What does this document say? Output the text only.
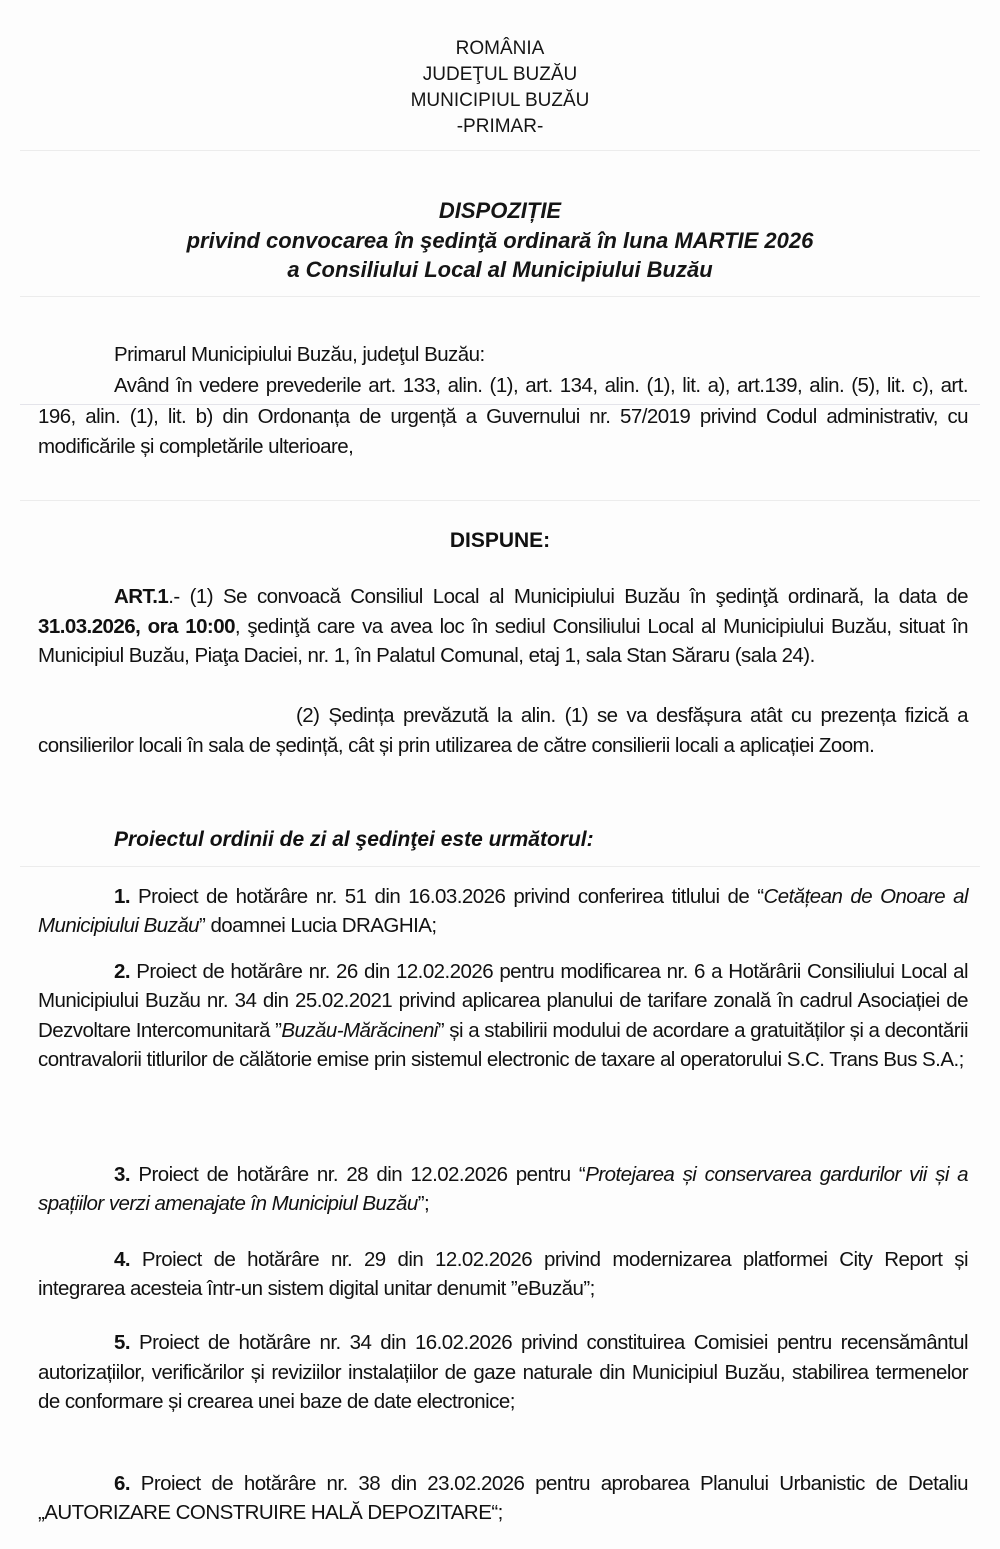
ROMÂNIA
JUDEŢUL BUZĂU
MUNICIPIUL BUZĂU
-PRIMAR-
DISPOZIȚIE
privind convocarea în şedinţă ordinară în luna MARTIE 2026
a Consiliului Local al Municipiului Buzău
Primarul Municipiului Buzău, judeţul Buzău:
Având în vedere prevederile art. 133, alin. (1), art. 134, alin. (1), lit. a), art.139, alin. (5), lit. c), art. 196, alin. (1), lit. b) din Ordonanța de urgență a Guvernului nr. 57/2019 privind Codul administrativ, cu modificările și completările ulterioare,
DISPUNE:
ART.1.- (1) Se convoacă Consiliul Local al Municipiului Buzău în şedinţă ordinară, la data de 31.03.2026, ora 10:00, şedinţă care va avea loc în sediul Consiliului Local al Municipiului Buzău, situat în Municipiul Buzău, Piaţa Daciei, nr. 1, în Palatul Comunal, etaj 1, sala Stan Săraru (sala 24).
(2) Ședința prevăzută la alin. (1) se va desfășura atât cu prezența fizică a consilierilor locali în sala de ședință, cât și prin utilizarea de către consilierii locali a aplicației Zoom.
Proiectul ordinii de zi al şedinţei este următorul:
1. Proiect de hotărâre nr. 51 din 16.03.2026 privind conferirea titlului de “Cetățean de Onoare al Municipiului Buzău” doamnei Lucia DRAGHIA;
2. Proiect de hotărâre nr. 26 din 12.02.2026 pentru modificarea nr. 6 a Hotărârii Consiliului Local al Municipiului Buzău nr. 34 din 25.02.2021 privind aplicarea planului de tarifare zonală în cadrul Asociației de Dezvoltare Intercomunitară ”Buzău-Mărăcineni” și a stabilirii modului de acordare a gratuităților și a decontării contravalorii titlurilor de călătorie emise prin sistemul electronic de taxare al operatorului S.C. Trans Bus S.A.;
3. Proiect de hotărâre nr. 28 din 12.02.2026 pentru “Protejarea și conservarea gardurilor vii și a spațiilor verzi amenajate în Municipiul Buzău”;
4. Proiect de hotărâre nr. 29 din 12.02.2026 privind modernizarea platformei City Report și integrarea acesteia într-un sistem digital unitar denumit ”eBuzău”;
5. Proiect de hotărâre nr. 34 din 16.02.2026 privind constituirea Comisiei pentru recensământul autorizațiilor, verificărilor și reviziilor instalațiilor de gaze naturale din Municipiul Buzău, stabilirea termenelor de conformare și crearea unei baze de date electronice;
6. Proiect de hotărâre nr. 38 din 23.02.2026 pentru aprobarea Planului Urbanistic de Detaliu „AUTORIZARE CONSTRUIRE HALĂ DEPOZITARE“;
